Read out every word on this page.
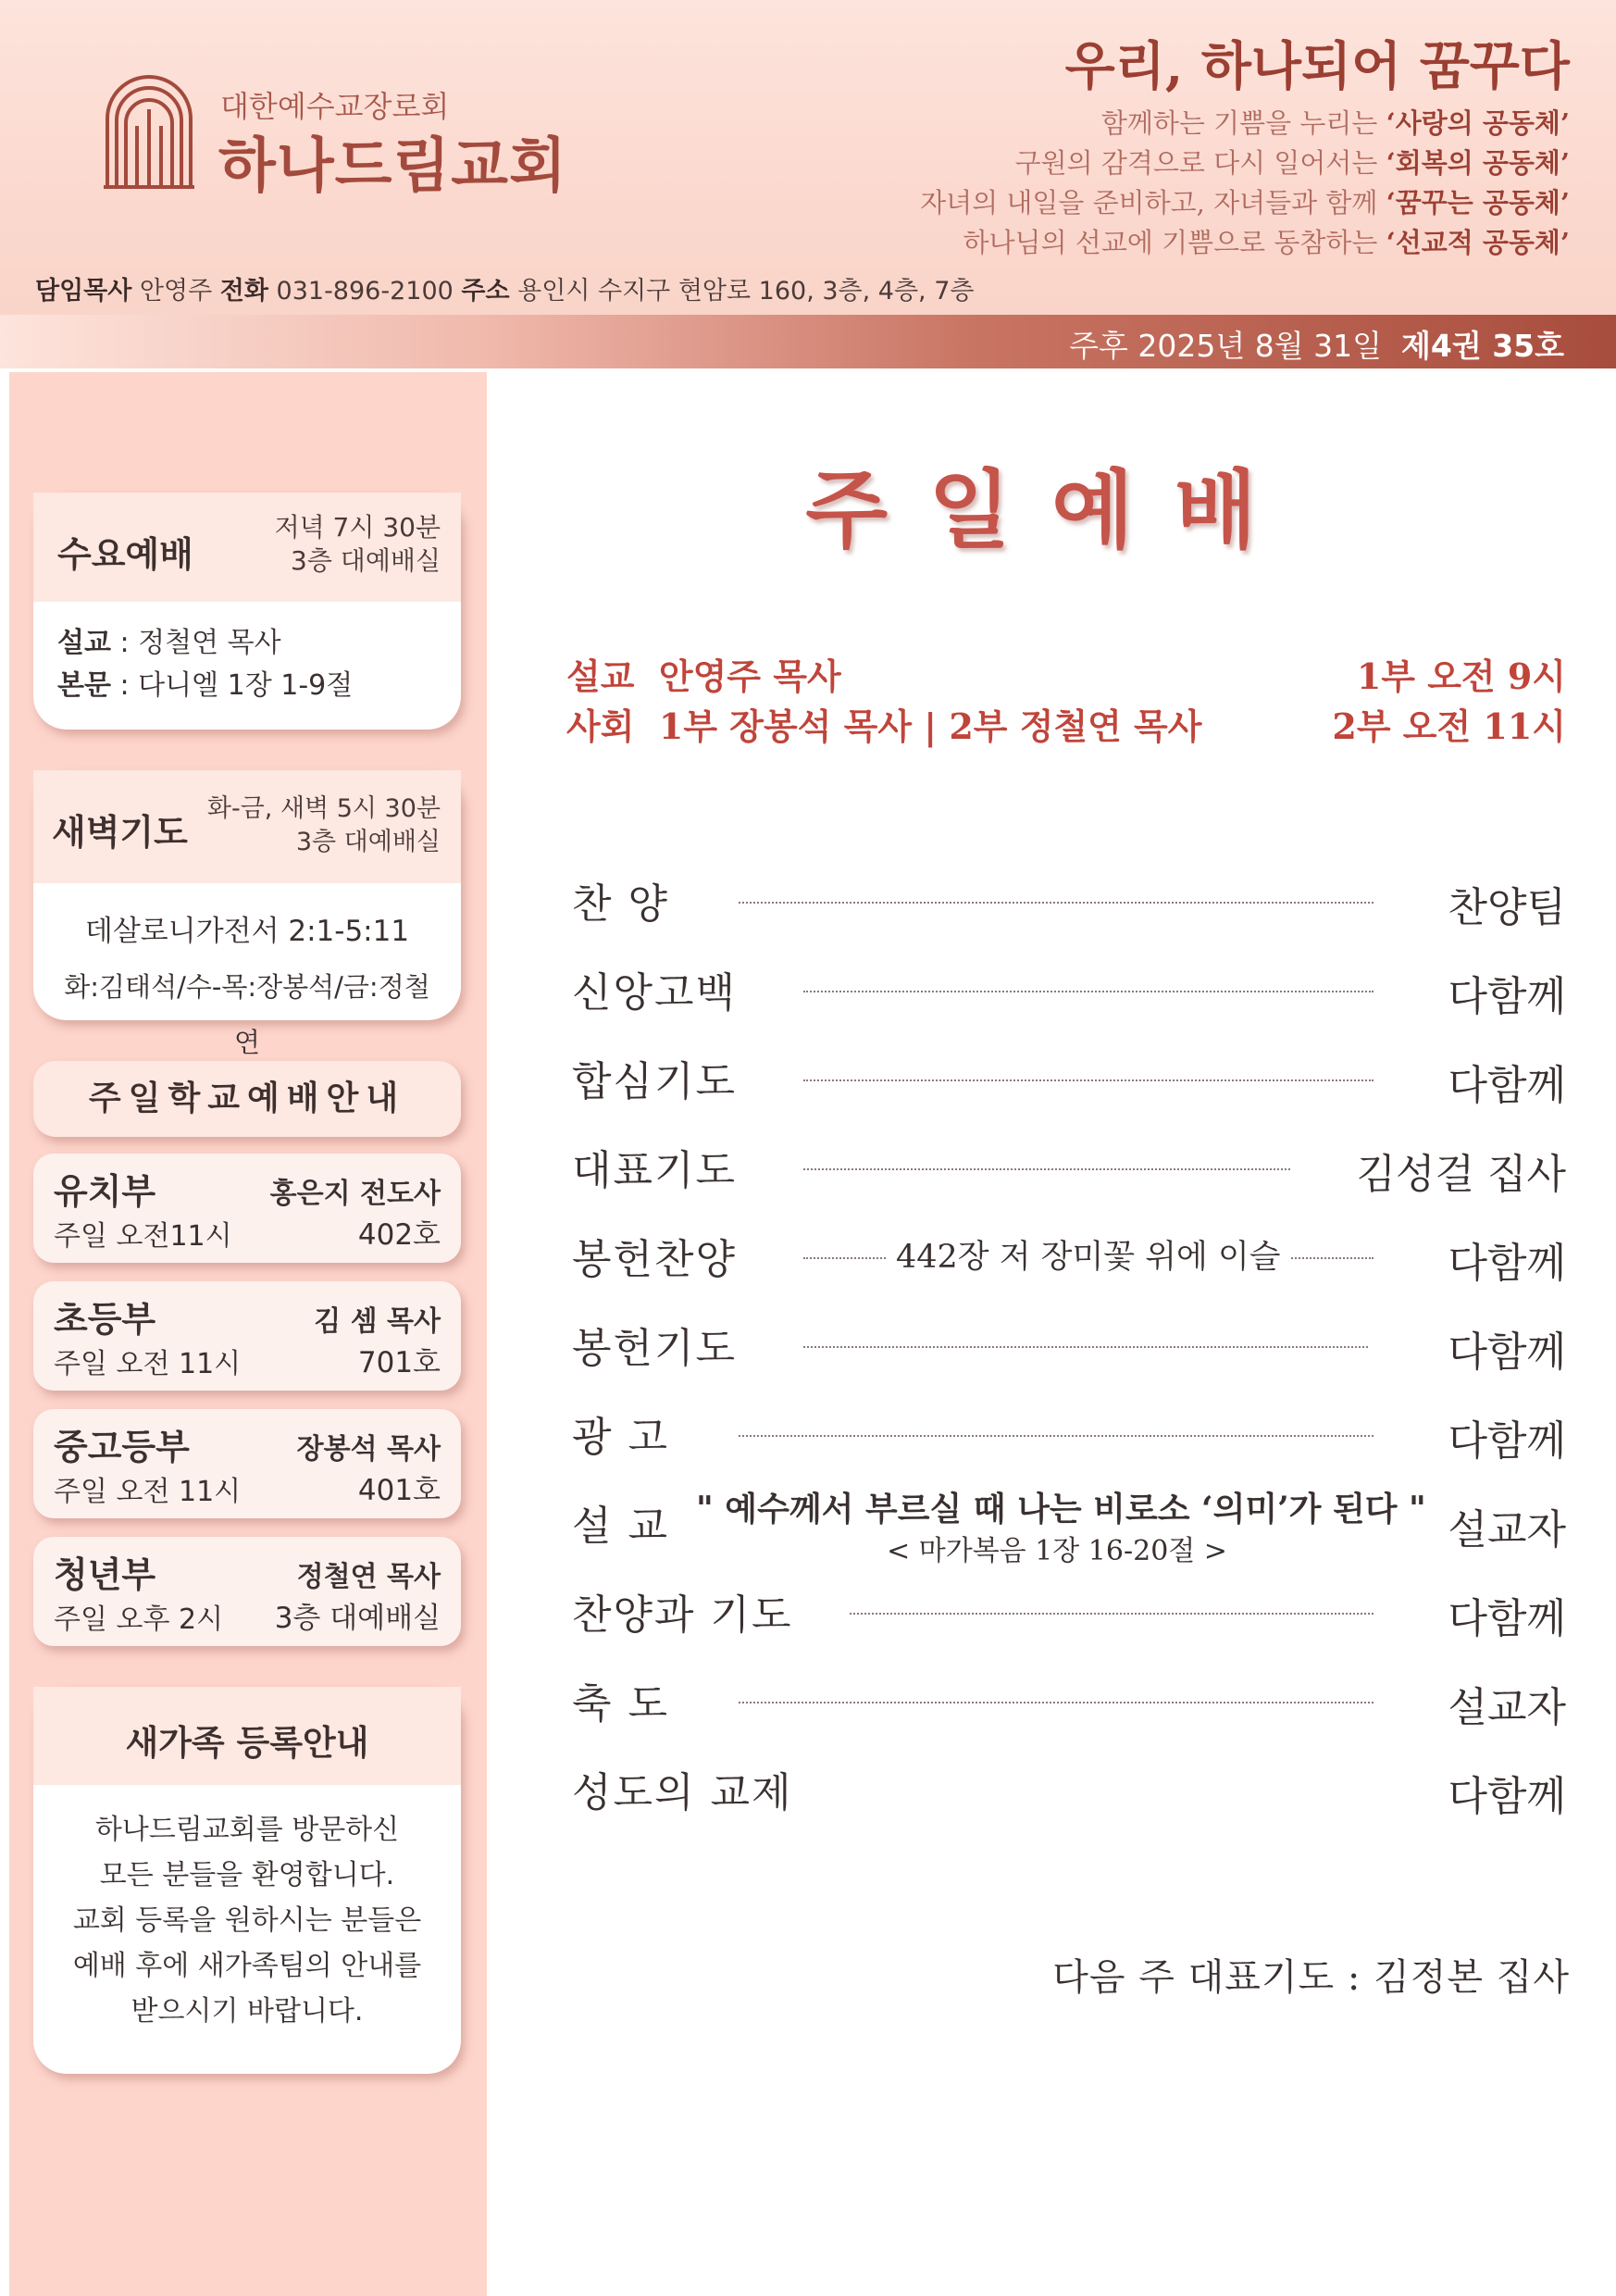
대한예수교장로회
하나드림교회
우리, 하나되어 꿈꾸다
함께하는 기쁨을 누리는 ‘사랑의 공동체’
구원의 감격으로 다시 일어서는 ‘회복의 공동체’
자녀의 내일을 준비하고, 자녀들과 함께 ‘꿈꾸는 공동체’
하나님의 선교에 기쁨으로 동참하는 ‘선교적 공동체’
담임목사 안영주 전화 031-896-2100 주소 용인시 수지구 현암로 160, 3층, 4층, 7층
주후 2025년 8월 31일 제4권 35호
수요예배
저녁 7시 30분
3층 대예배실
설교 : 정철연 목사
본문 : 다니엘 1장 1-9절
새벽기도
화-금, 새벽 5시 30분
3층 대예배실
데살로니가전서 2:1-5:11
화:김태석/수-목:장봉석/금:정철연
주일학교예배안내
유치부
주일 오전11시
홍은지 전도사
402호
초등부
주일 오전 11시
김 셈 목사
701호
중고등부
주일 오전 11시
장봉석 목사
401호
청년부
주일 오후 2시
정철연 목사
3층 대예배실
새가족 등록안내
하나드림교회를 방문하신
모든 분들을 환영합니다.
교회 등록을 원하시는 분들은
예배 후에 새가족팀의 안내를
받으시기 바랍니다.
주일예배
설교 안영주 목사	1부 오전 9시
사회 1부 장봉석 목사 | 2부 정철연 목사	2부 오전 11시
찬 양	찬양팀
신앙고백	다함께
합심기도	다함께
대표기도	김성걸 집사
봉헌찬양	442장 저 장미꽃 위에 이슬	다함께
봉헌기도	다함께
광 고	다함께
설 교	설교자
" 예수께서 부르실 때 나는 비로소 ‘의미’가 된다 "
< 마가복음 1장 16-20절 >
찬양과 기도	다함께
축 도	설교자
성도의 교제	다함께
다음 주 대표기도 : 김정본 집사
